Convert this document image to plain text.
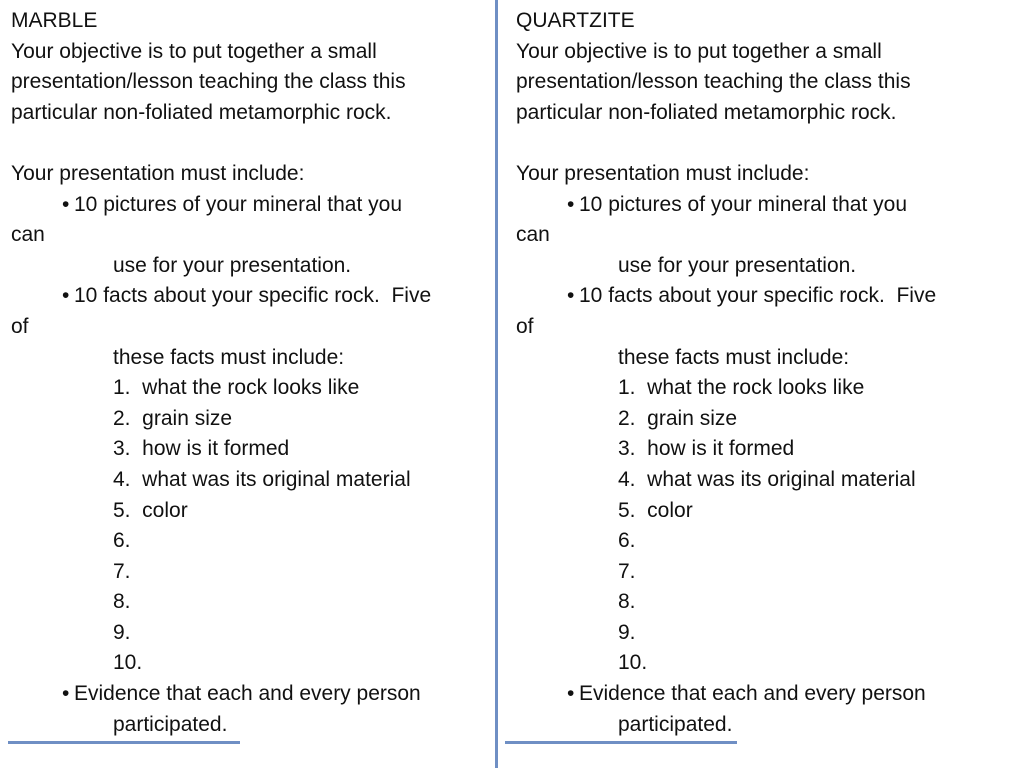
MARBLE
Your objective is to put together a small
presentation/lesson teaching the class this
particular non-foliated metamorphic rock.
Your presentation must include:
• 10 pictures of your mineral that you
can
use for your presentation.
• 10 facts about your specific rock.  Five
of
these facts must include:
1.  what the rock looks like
2.  grain size
3.  how is it formed
4.  what was its original material
5.  color
6.
7.
8.
9.
10.
• Evidence that each and every person
participated.
QUARTZITE
Your objective is to put together a small
presentation/lesson teaching the class this
particular non-foliated metamorphic rock.
Your presentation must include:
• 10 pictures of your mineral that you
can
use for your presentation.
• 10 facts about your specific rock.  Five
of
these facts must include:
1.  what the rock looks like
2.  grain size
3.  how is it formed
4.  what was its original material
5.  color
6.
7.
8.
9.
10.
• Evidence that each and every person
participated.
